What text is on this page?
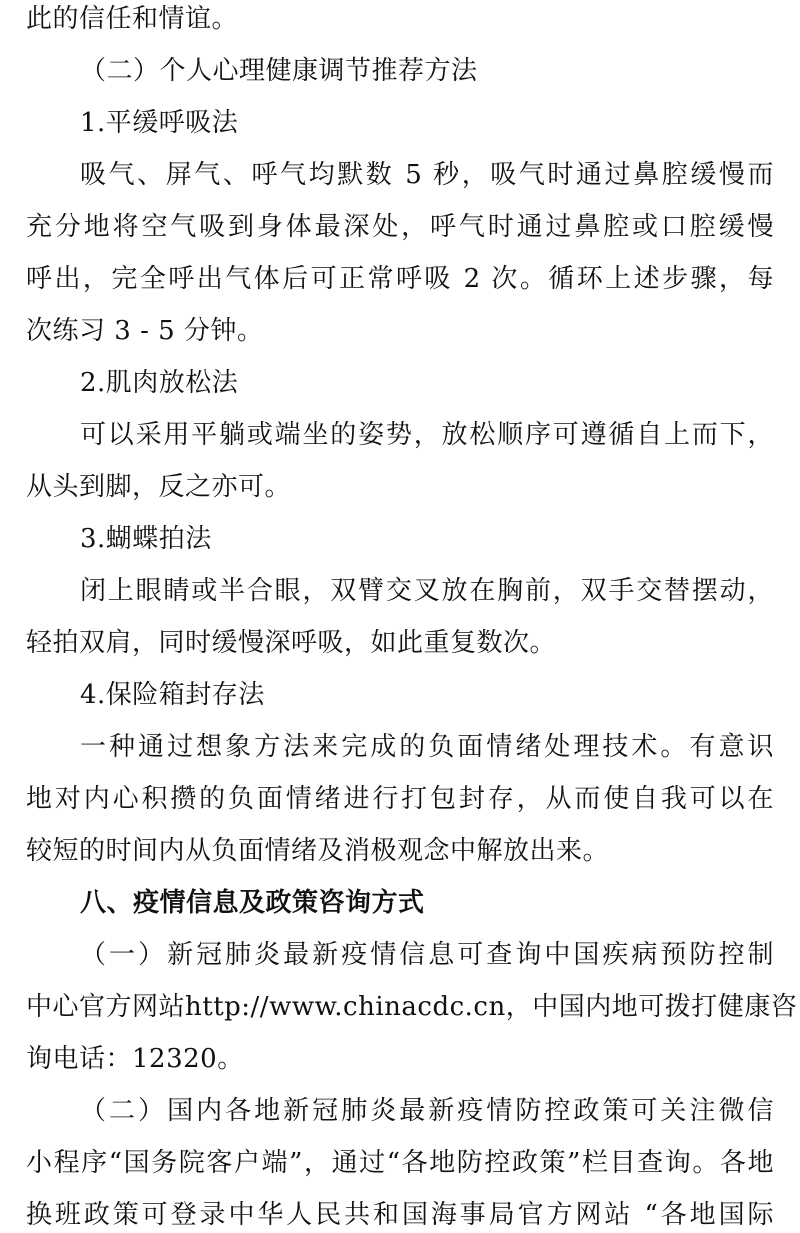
此的信任和情谊。
（二）个人心理健康调节推荐方法
1.平缓呼吸法
吸气、屏气、呼气均默数 5 秒，吸气时通过鼻腔缓慢而
充分地将空气吸到身体最深处，呼气时通过鼻腔或口腔缓慢
呼出，完全呼出气体后可正常呼吸 2 次。循环上述步骤，每
次练习 3 - 5 分钟。
2.肌肉放松法
可以采用平躺或端坐的姿势，放松顺序可遵循自上而下，
从头到脚，反之亦可。
3.蝴蝶拍法
闭上眼睛或半合眼，双臂交叉放在胸前，双手交替摆动，
轻拍双肩，同时缓慢深呼吸，如此重复数次。
4.保险箱封存法
一种通过想象方法来完成的负面情绪处理技术。有意识
地对内心积攒的负面情绪进行打包封存，从而使自我可以在
较短的时间内从负面情绪及消极观念中解放出来。
八、疫情信息及政策咨询方式
（一）新冠肺炎最新疫情信息可查询中国疾病预防控制
中心官方网站http://www.chinacdc.cn，中国内地可拨打健康咨
询电话：12320。
（二）国内各地新冠肺炎最新疫情防控政策可关注微信
小程序“国务院客户端”，通过“各地防控政策”栏目查询。各地
换班政策可登录中华人民共和国海事局官方网站 “各地国际
